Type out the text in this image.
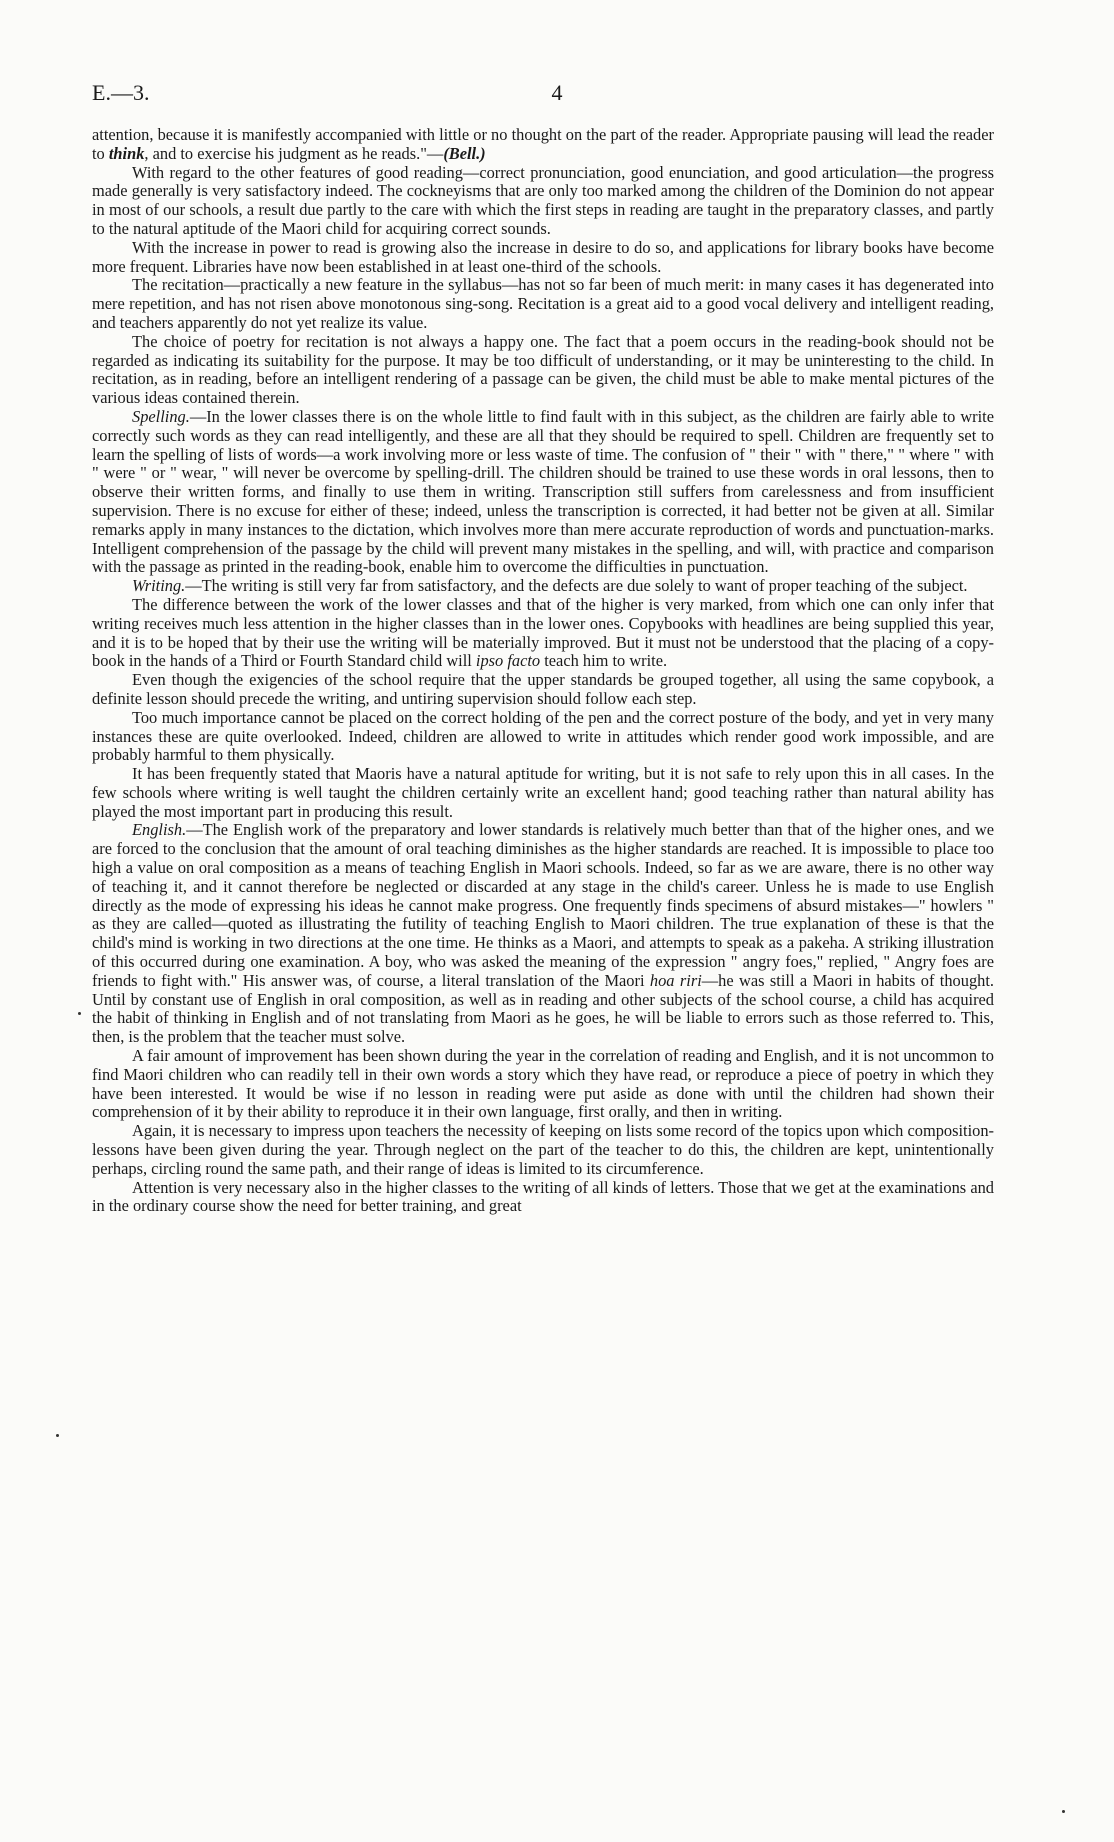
E.—3.	4

attention, because it is manifestly accompanied with little or no thought on the part of the reader. Appropriate pausing will lead the reader to think, and to exercise his judgment as he reads."—(Bell.)

With regard to the other features of good reading—correct pronunciation, good enunciation, and good articulation—the progress made generally is very satisfactory indeed. The cockneyisms that are only too marked among the children of the Dominion do not appear in most of our schools, a result due partly to the care with which the first steps in reading are taught in the preparatory classes, and partly to the natural aptitude of the Maori child for acquiring correct sounds.

With the increase in power to read is growing also the increase in desire to do so, and applications for library books have become more frequent. Libraries have now been established in at least one-third of the schools.

The recitation—practically a new feature in the syllabus—has not so far been of much merit: in many cases it has degenerated into mere repetition, and has not risen above monotonous sing-song. Recitation is a great aid to a good vocal delivery and intelligent reading, and teachers apparently do not yet realize its value.

The choice of poetry for recitation is not always a happy one. The fact that a poem occurs in the reading-book should not be regarded as indicating its suitability for the purpose. It may be too difficult of understanding, or it may be uninteresting to the child. In recitation, as in reading, before an intelligent rendering of a passage can be given, the child must be able to make mental pictures of the various ideas contained therein.

Spelling.—In the lower classes there is on the whole little to find fault with in this subject, as the children are fairly able to write correctly such words as they can read intelligently, and these are all that they should be required to spell. Children are frequently set to learn the spelling of lists of words—a work involving more or less waste of time. The confusion of " their " with " there," " where " with " were " or " wear, " will never be overcome by spelling-drill. The children should be trained to use these words in oral lessons, then to observe their written forms, and finally to use them in writing. Transcription still suffers from carelessness and from insufficient supervision. There is no excuse for either of these; indeed, unless the transcription is corrected, it had better not be given at all. Similar remarks apply in many instances to the dictation, which involves more than mere accurate reproduction of words and punctuation-marks. Intelligent comprehension of the passage by the child will prevent many mistakes in the spelling, and will, with practice and comparison with the passage as printed in the reading-book, enable him to overcome the difficulties in punctuation.

Writing.—The writing is still very far from satisfactory, and the defects are due solely to want of proper teaching of the subject.

The difference between the work of the lower classes and that of the higher is very marked, from which one can only infer that writing receives much less attention in the higher classes than in the lower ones. Copybooks with headlines are being supplied this year, and it is to be hoped that by their use the writing will be materially improved. But it must not be understood that the placing of a copy-book in the hands of a Third or Fourth Standard child will ipso facto teach him to write.

Even though the exigencies of the school require that the upper standards be grouped together, all using the same copybook, a definite lesson should precede the writing, and untiring supervision should follow each step.

Too much importance cannot be placed on the correct holding of the pen and the correct posture of the body, and yet in very many instances these are quite overlooked. Indeed, children are allowed to write in attitudes which render good work impossible, and are probably harmful to them physically.

It has been frequently stated that Maoris have a natural aptitude for writing, but it is not safe to rely upon this in all cases. In the few schools where writing is well taught the children certainly write an excellent hand; good teaching rather than natural ability has played the most important part in producing this result.

English.—The English work of the preparatory and lower standards is relatively much better than that of the higher ones, and we are forced to the conclusion that the amount of oral teaching diminishes as the higher standards are reached. It is impossible to place too high a value on oral composition as a means of teaching English in Maori schools. Indeed, so far as we are aware, there is no other way of teaching it, and it cannot therefore be neglected or discarded at any stage in the child's career. Unless he is made to use English directly as the mode of expressing his ideas he cannot make progress. One frequently finds specimens of absurd mistakes—" howlers " as they are called—quoted as illustrating the futility of teaching English to Maori children. The true explanation of these is that the child's mind is working in two directions at the one time. He thinks as a Maori, and attempts to speak as a pakeha. A striking illustration of this occurred during one examination. A boy, who was asked the meaning of the expression " angry foes," replied, " Angry foes are friends to fight with." His answer was, of course, a literal translation of the Maori hoa riri—he was still a Maori in habits of thought. Until by constant use of English in oral composition, as well as in reading and other subjects of the school course, a child has acquired the habit of thinking in English and of not translating from Maori as he goes, he will be liable to errors such as those referred to. This, then, is the problem that the teacher must solve.

A fair amount of improvement has been shown during the year in the correlation of reading and English, and it is not uncommon to find Maori children who can readily tell in their own words a story which they have read, or reproduce a piece of poetry in which they have been interested. It would be wise if no lesson in reading were put aside as done with until the children had shown their comprehension of it by their ability to reproduce it in their own language, first orally, and then in writing.

Again, it is necessary to impress upon teachers the necessity of keeping on lists some record of the topics upon which composition-lessons have been given during the year. Through neglect on the part of the teacher to do this, the children are kept, unintentionally perhaps, circling round the same path, and their range of ideas is limited to its circumference.

Attention is very necessary also in the higher classes to the writing of all kinds of letters. Those that we get at the examinations and in the ordinary course show the need for better training, and great
